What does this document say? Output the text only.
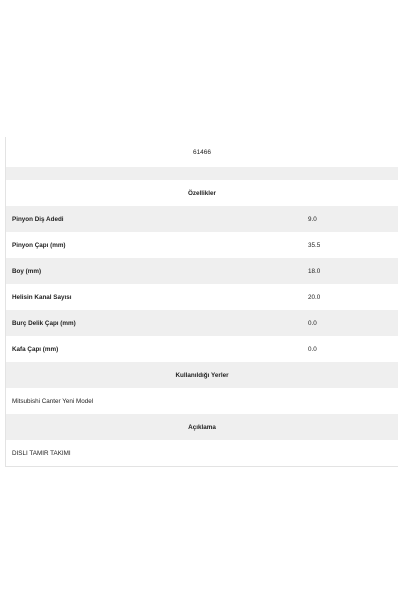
61466
Özellikler
Pinyon Diş Adedi	9.0
Pinyon Çapı (mm)	35.5
Boy (mm)	18.0
Helisin Kanal Sayısı	20.0
Burç Delik Çapı (mm)	0.0
Kafa Çapı (mm)	0.0
Kullanıldığı Yerler
Mitsubishi Canter Yeni Model
Açıklama
DISLI TAMIR TAKIMI
